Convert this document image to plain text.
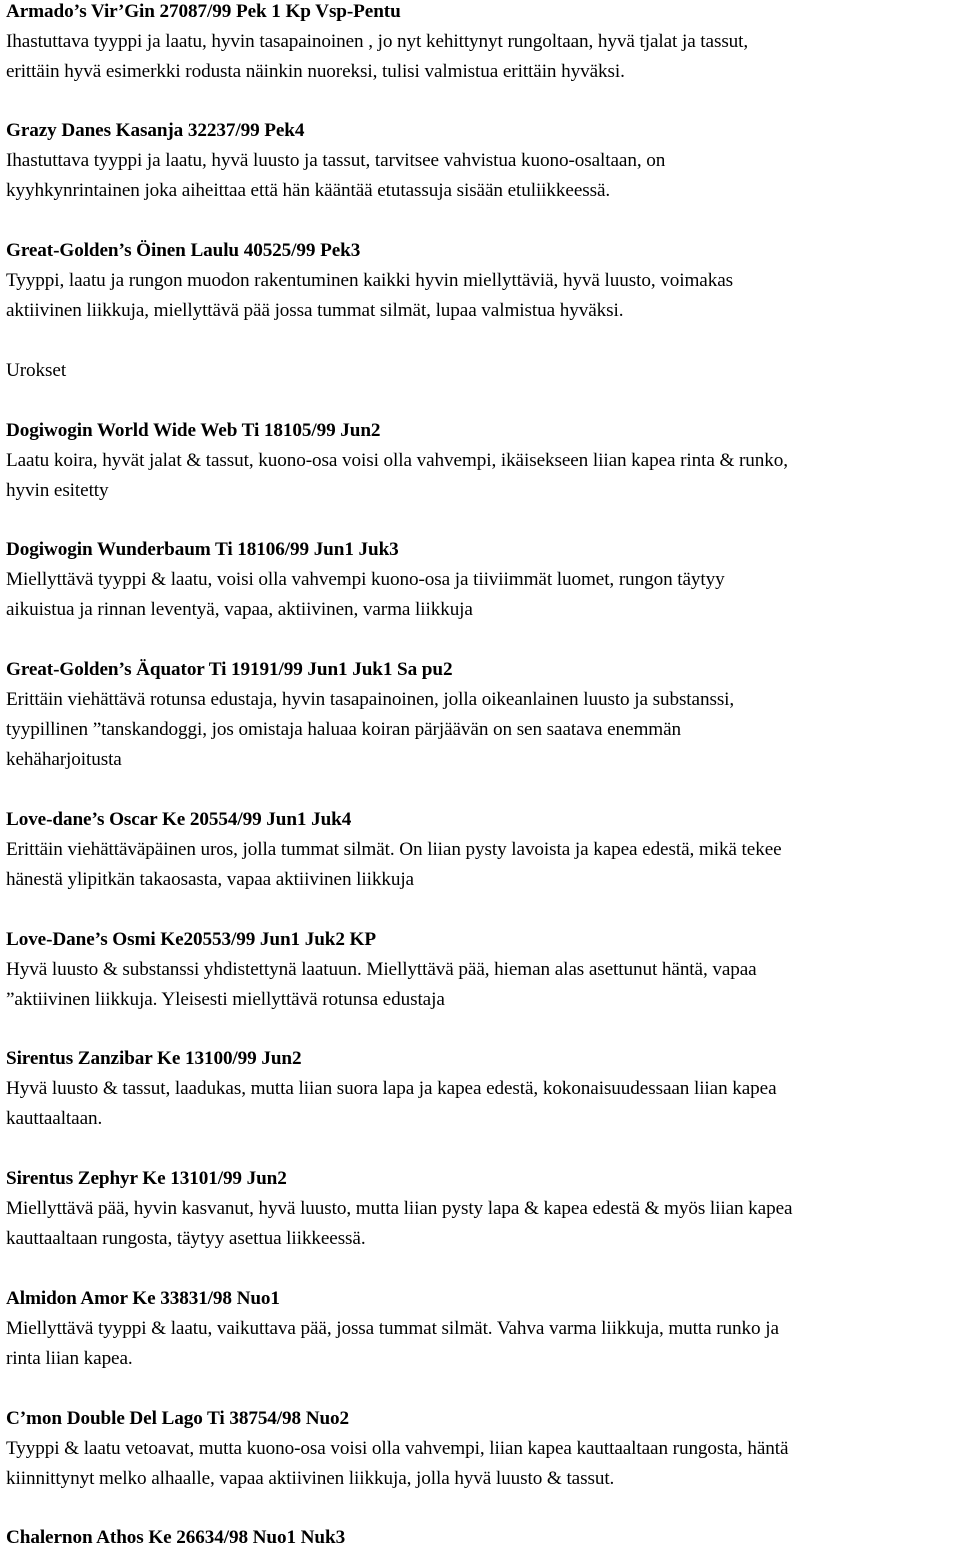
Armado’s Vir’Gin 27087/99 Pek 1 Kp Vsp-Pentu
Ihastuttava tyyppi ja laatu, hyvin tasapainoinen , jo nyt kehittynyt rungoltaan, hyvä tjalat ja tassut,
erittäin hyvä esimerkki rodusta näinkin nuoreksi, tulisi valmistua erittäin hyväksi.
Grazy Danes Kasanja 32237/99 Pek4
Ihastuttava tyyppi ja laatu, hyvä luusto ja tassut, tarvitsee vahvistua kuono-osaltaan, on
kyyhkynrintainen joka aiheittaa että hän kääntää etutassuja sisään etuliikkeessä.
Great-Golden’s Öinen Laulu 40525/99 Pek3
Tyyppi, laatu ja rungon muodon rakentuminen kaikki hyvin miellyttäviä, hyvä luusto, voimakas
aktiivinen liikkuja, miellyttävä pää jossa tummat silmät, lupaa valmistua hyväksi.
Urokset
Dogiwogin World Wide Web Ti 18105/99 Jun2
Laatu koira, hyvät jalat & tassut, kuono-osa voisi olla vahvempi, ikäisekseen liian kapea rinta & runko,
hyvin esitetty
Dogiwogin Wunderbaum Ti 18106/99 Jun1 Juk3
Miellyttävä tyyppi & laatu, voisi olla vahvempi kuono-osa ja tiiviimmät luomet, rungon täytyy
aikuistua ja rinnan leventyä, vapaa, aktiivinen, varma liikkuja
Great-Golden’s Äquator Ti 19191/99 Jun1 Juk1 Sa pu2
Erittäin viehättävä rotunsa edustaja, hyvin tasapainoinen, jolla oikeanlainen luusto ja substanssi,
tyypillinen ”tanskandoggi, jos omistaja haluaa koiran pärjäävän on sen saatava enemmän
kehäharjoitusta
Love-dane’s Oscar Ke 20554/99 Jun1 Juk4
Erittäin viehättäväpäinen uros, jolla tummat silmät. On liian pysty lavoista ja kapea edestä, mikä tekee
hänestä ylipitkän takaosasta, vapaa aktiivinen liikkuja
Love-Dane’s Osmi Ke20553/99 Jun1 Juk2 KP
Hyvä luusto & substanssi yhdistettynä laatuun. Miellyttävä pää, hieman alas asettunut häntä, vapaa
”aktiivinen liikkuja. Yleisesti miellyttävä rotunsa edustaja
Sirentus Zanzibar Ke 13100/99 Jun2
Hyvä luusto & tassut, laadukas, mutta liian suora lapa ja kapea edestä, kokonaisuudessaan liian kapea
kauttaaltaan.
Sirentus Zephyr Ke 13101/99 Jun2
Miellyttävä pää, hyvin kasvanut, hyvä luusto, mutta liian pysty lapa & kapea edestä & myös liian kapea
kauttaaltaan rungosta, täytyy asettua liikkeessä.
Almidon Amor Ke 33831/98 Nuo1
Miellyttävä tyyppi & laatu, vaikuttava pää, jossa tummat silmät. Vahva varma liikkuja, mutta runko ja
rinta liian kapea.
C’mon Double Del Lago Ti 38754/98 Nuo2
Tyyppi & laatu vetoavat, mutta kuono-osa voisi olla vahvempi, liian kapea kauttaaltaan rungosta, häntä
kiinnittynyt melko alhaalle, vapaa aktiivinen liikkuja, jolla hyvä luusto & tassut.
Chalernon Athos Ke 26634/98 Nuo1 Nuk3
